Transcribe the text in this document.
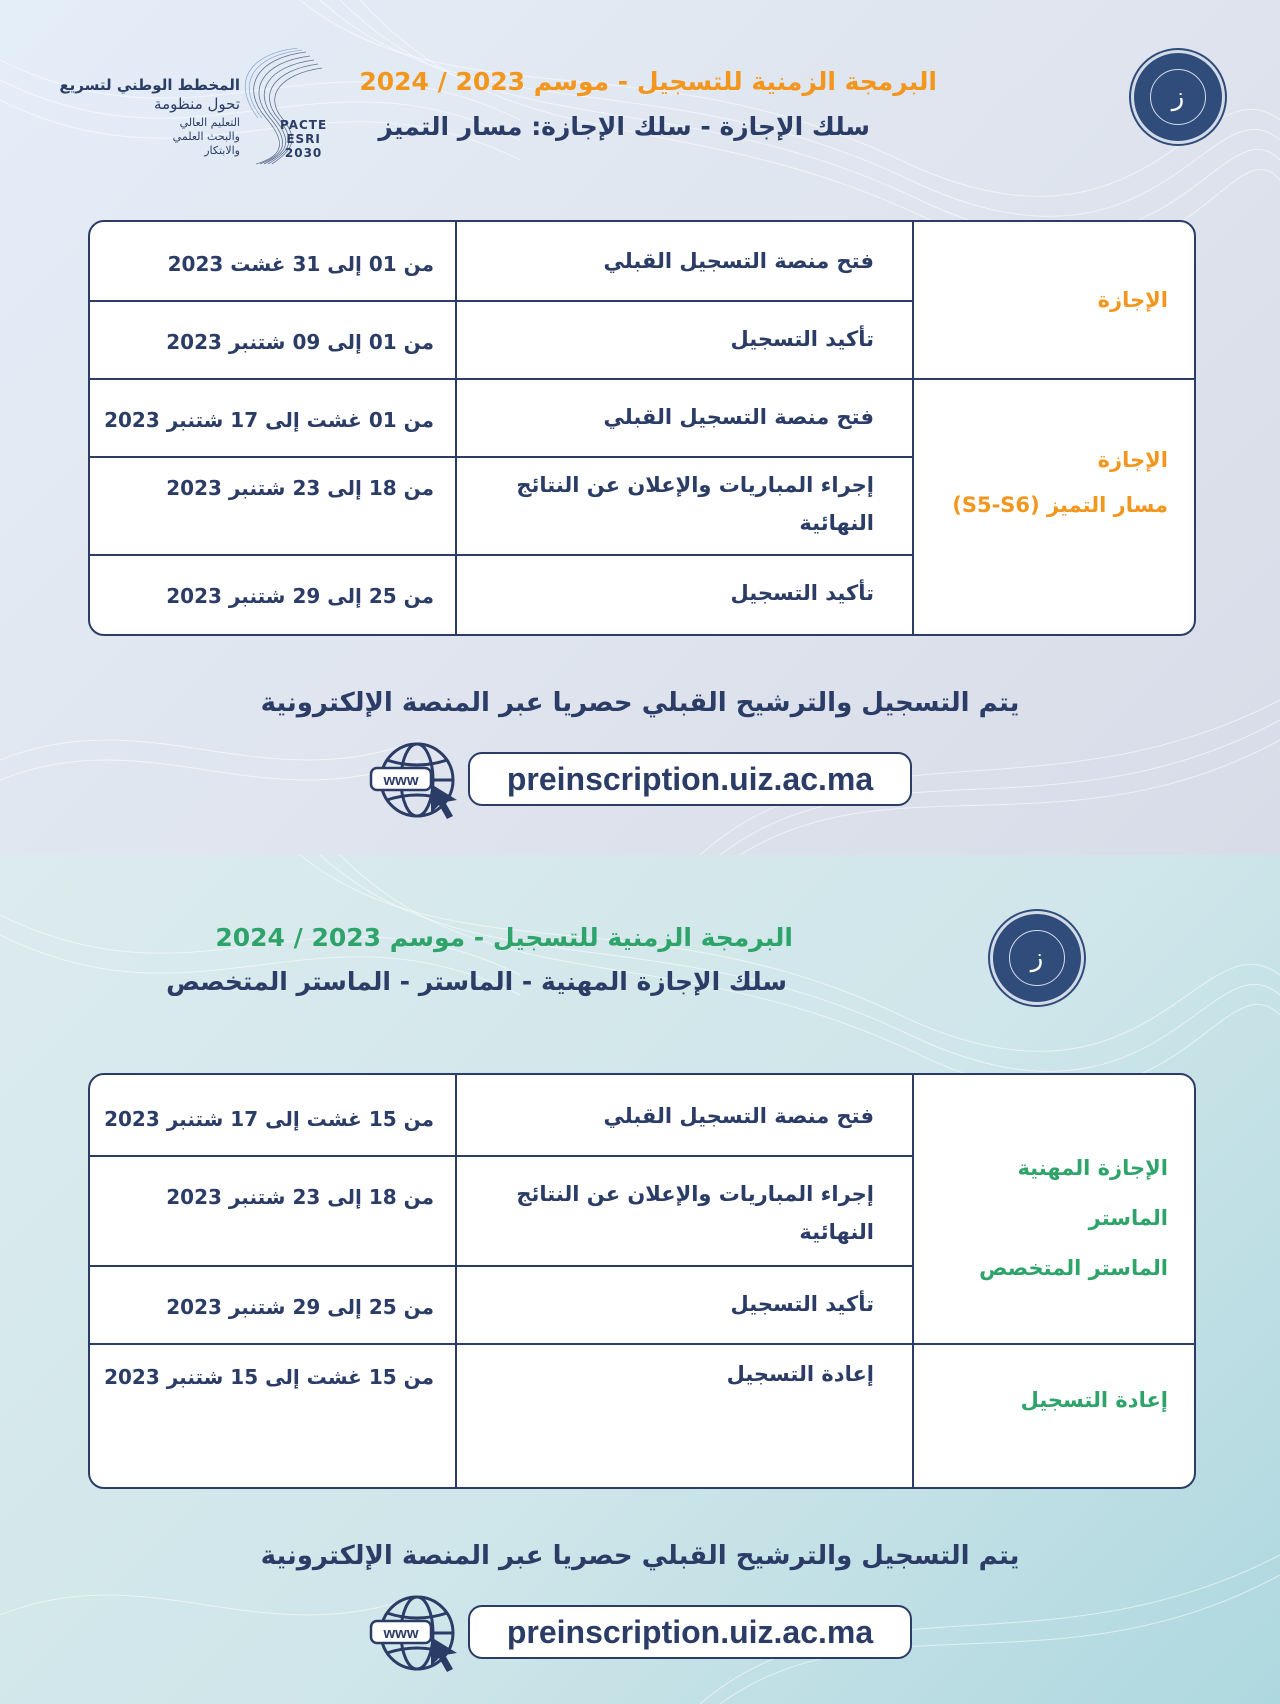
ﺯ
البرمجة الزمنية للتسجيل - موسم 2023 / 2024
سلك الإجازة - سلك الإجازة: مسار التميز
PACTE
ESRI
2030
المخطط الوطني لتسريع
تحول منظومة
التعليم العالي
والبحث العلمي
والابتكار
الإجازة
الإجازة
مسار التميز (S5-S6)
فتح منصة التسجيل القبلي
من 01 إلى 31 غشت 2023
تأكيد التسجيل
من 01 إلى 09 شتنبر 2023
فتح منصة التسجيل القبلي
من 01 غشت إلى 17 شتنبر 2023
إجراء المباريات والإعلان عن النتائج النهائية
من 18 إلى 23 شتنبر 2023
تأكيد التسجيل
من 25 إلى 29 شتنبر 2023
يتم التسجيل والترشيح القبلي حصريا عبر المنصة الإلكترونية
www	preinscription.uiz.ac.ma
ﺯ
البرمجة الزمنية للتسجيل - موسم 2023 / 2024
سلك الإجازة المهنية - الماستر - الماستر المتخصص
الإجازة المهنية
الماستر
الماستر المتخصص
إعادة التسجيل
فتح منصة التسجيل القبلي
من 15 غشت إلى 17 شتنبر 2023
إجراء المباريات والإعلان عن النتائج النهائية
من 18 إلى 23 شتنبر 2023
تأكيد التسجيل
من 25 إلى 29 شتنبر 2023
إعادة التسجيل
من 15 غشت إلى 15 شتنبر 2023
يتم التسجيل والترشيح القبلي حصريا عبر المنصة الإلكترونية
www	preinscription.uiz.ac.ma
